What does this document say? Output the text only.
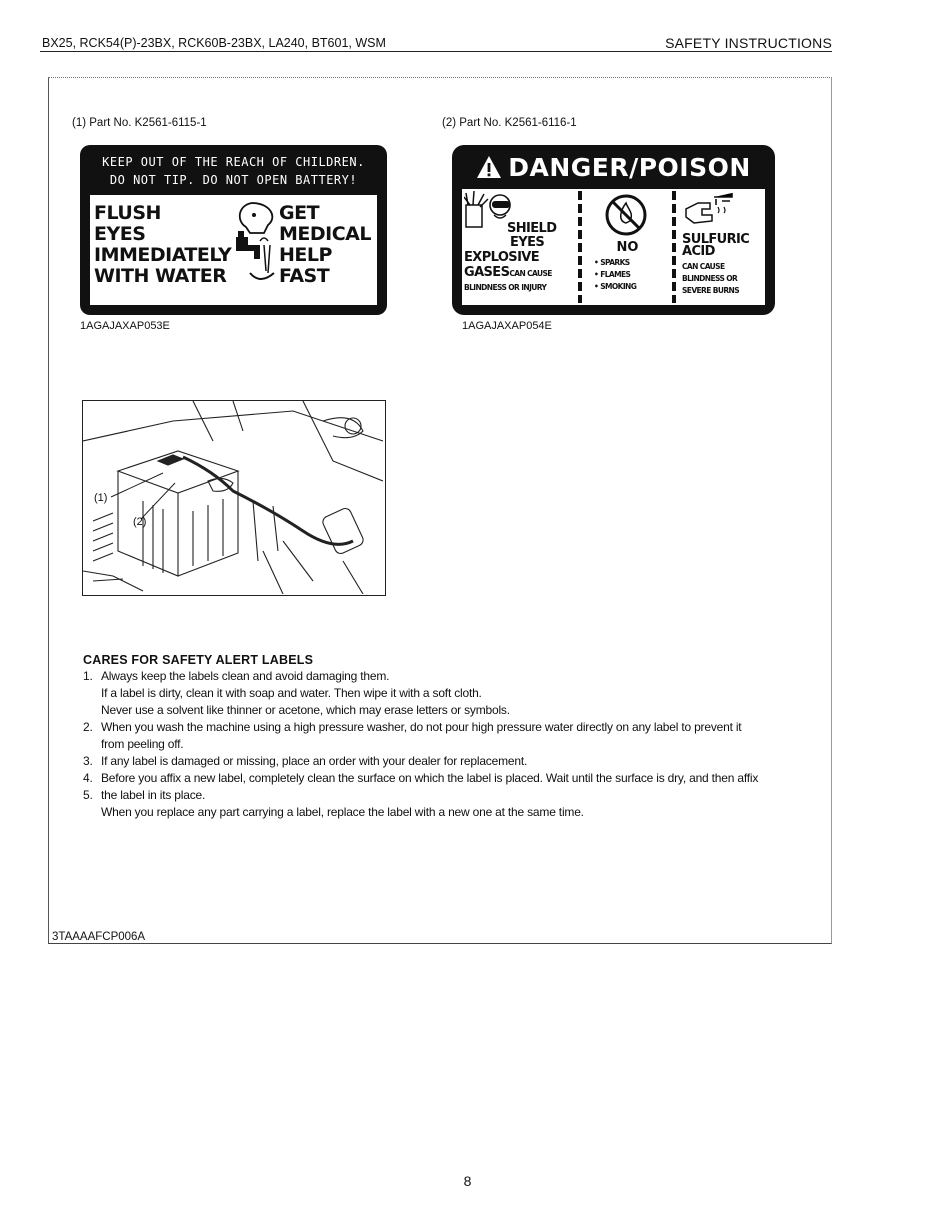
BX25, RCK54(P)-23BX, RCK60B-23BX, LA240, BT601, WSM	SAFETY INSTRUCTIONS
(1) Part No. K2561-6115-1
KEEP OUT OF THE REACH OF CHILDREN.
DO NOT TIP. DO NOT OPEN BATTERY!
FLUSH
EYES
IMMEDIATELY
WITH WATER
GET
MEDICAL
HELP
FAST
1AGAJAXAP053E
(2) Part No. K2561-6116-1
DANGER/POISON
SHIELD
EYES
EXPLOSIVE
GASESCAN CAUSE
BLINDNESS OR INJURY
NO
• SPARKS
• FLAMES
• SMOKING
SULFURIC
ACID
CAN CAUSE
BLINDNESS OR
SEVERE BURNS
1AGAJAXAP054E
(1)
(2)
CARES FOR SAFETY ALERT LABELS
1. Always keep the labels clean and avoid damaging them.
If a label is dirty, clean it with soap and water. Then wipe it with a soft cloth.
Never use a solvent like thinner or acetone, which may erase letters or symbols.
2. When you wash the machine using a high pressure washer, do not pour high pressure water directly on any label to prevent it
from peeling off.
3. If any label is damaged or missing, place an order with your dealer for replacement.
4. Before you affix a new label, completely clean the surface on which the label is placed. Wait until the surface is dry, and then affix
5. the label in its place.
When you replace any part carrying a label, replace the label with a new one at the same time.
3TAAAAFCP006A
8
